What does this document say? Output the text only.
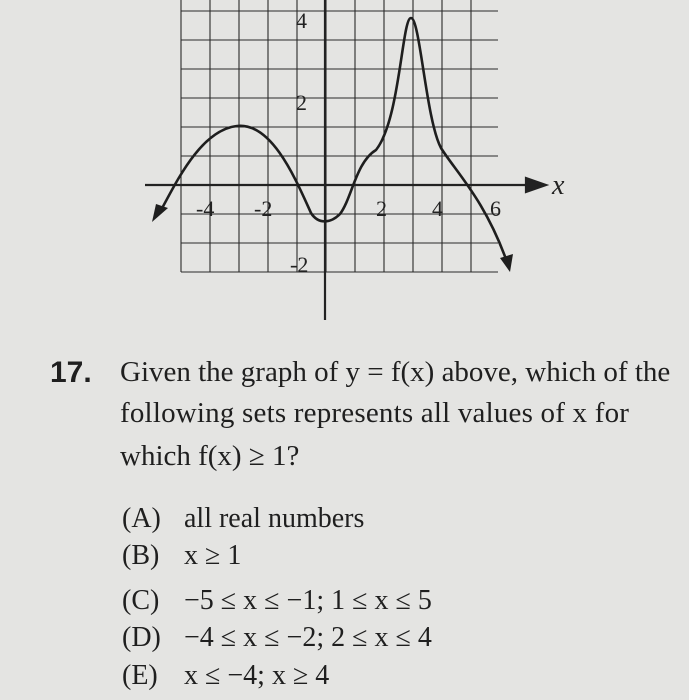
-4 -2	2 4 6
4
2
-2
x
17. Given the graph of y = f(x) above, which of the
following sets represents all values of x for
which f(x) ≥ 1?
(A) all real numbers
(B) x ≥ 1
(C) −5 ≤ x ≤ −1; 1 ≤ x ≤ 5
(D) −4 ≤ x ≤ −2; 2 ≤ x ≤ 4
(E) x ≤ −4; x ≥ 4
